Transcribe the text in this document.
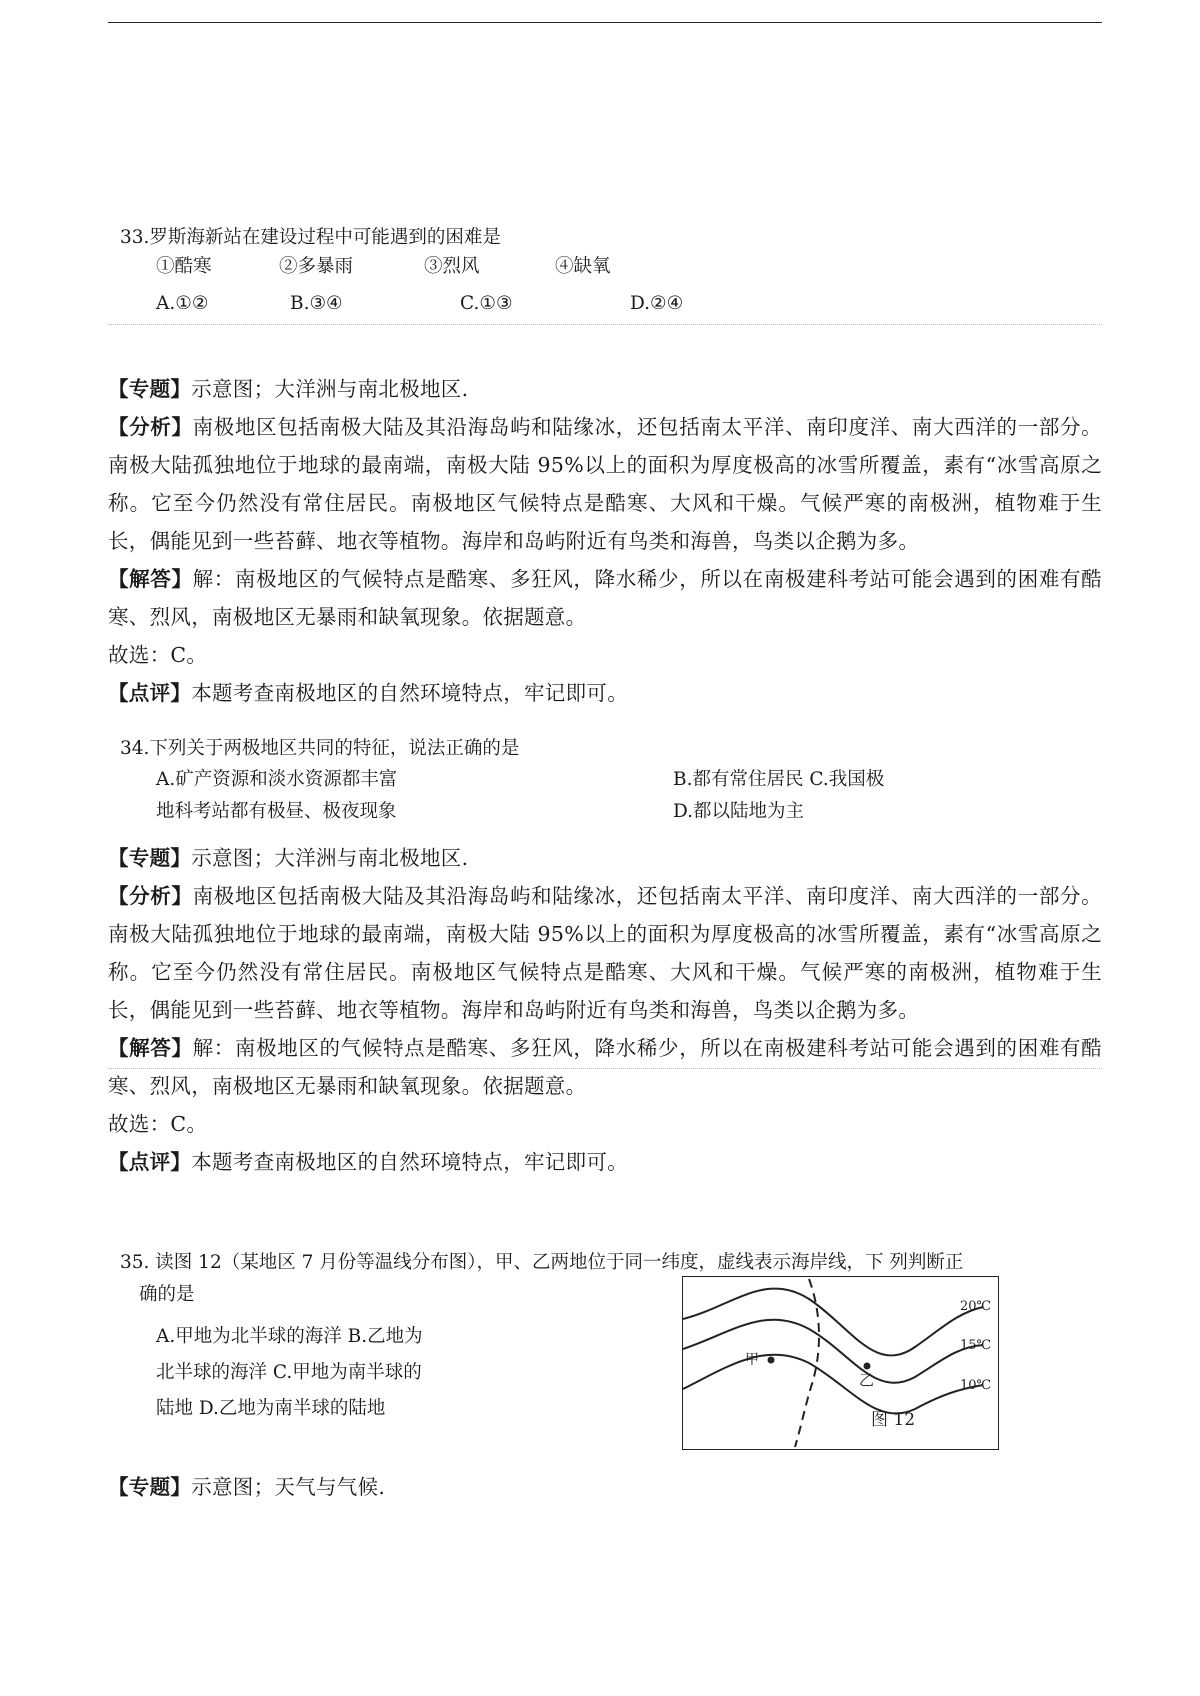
33.罗斯海新站在建设过程中可能遇到的困难是
①酷寒	②多暴雨	③烈风	④缺氧
A.①②	B.③④	C.①③	D.②④

【专题】示意图；大洋洲与南北极地区.

【分析】南极地区包括南极大陆及其沿海岛屿和陆缘冰，还包括南太平洋、南印度洋、南大西洋的一部分。南极大陆孤独地位于地球的最南端，南极大陆 95%以上的面积为厚度极高的冰雪所覆盖，素有“冰雪高原之称。它至今仍然没有常住居民。南极地区气候特点是酷寒、大风和干燥。气候严寒的南极洲，植物难于生长，偶能见到一些苔藓、地衣等植物。海岸和岛屿附近有鸟类和海兽，鸟类以企鹅为多。

【解答】解：南极地区的气候特点是酷寒、多狂风，降水稀少，所以在南极建科考站可能会遇到的困难有酷寒、烈风，南极地区无暴雨和缺氧现象。依据题意。

故选：C。

【点评】本题考查南极地区的自然环境特点，牢记即可。

34.下列关于两极地区共同的特征，说法正确的是
A.矿产资源和淡水资源都丰富	B.都有常住居民 C.我国极
地科考站都有极昼、极夜现象	D.都以陆地为主

【专题】示意图；大洋洲与南北极地区.

【分析】南极地区包括南极大陆及其沿海岛屿和陆缘冰，还包括南太平洋、南印度洋、南大西洋的一部分。南极大陆孤独地位于地球的最南端，南极大陆 95%以上的面积为厚度极高的冰雪所覆盖，素有“冰雪高原之称。它至今仍然没有常住居民。南极地区气候特点是酷寒、大风和干燥。气候严寒的南极洲，植物难于生长，偶能见到一些苔藓、地衣等植物。海岸和岛屿附近有鸟类和海兽，鸟类以企鹅为多。

【解答】解：南极地区的气候特点是酷寒、多狂风，降水稀少，所以在南极建科考站可能会遇到的困难有酷寒、烈风，南极地区无暴雨和缺氧现象。依据题意。

故选：C。

【点评】本题考查南极地区的自然环境特点，牢记即可。

35. 读图 12（某地区 7 月份等温线分布图），甲、乙两地位于同一纬度，虚线表示海岸线，下 列判断正
确的是
A.甲地为北半球的海洋 B.乙地为
北半球的海洋 C.甲地为南半球的
陆地 D.乙地为南半球的陆地
甲
乙
20℃
15℃
10℃
图 12

【专题】示意图；天气与气候.
